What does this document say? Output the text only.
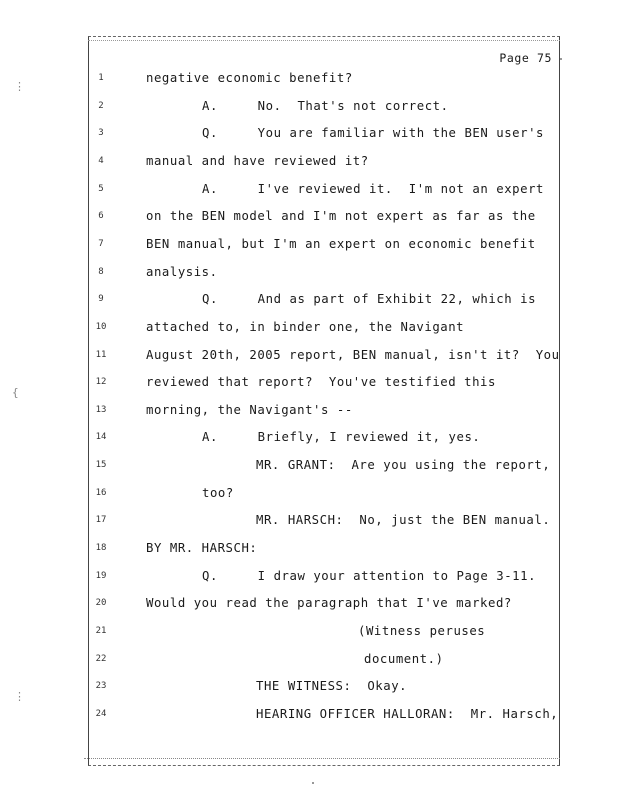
Page 75
1	negative economic benefit?
2	A.     No.  That's not correct.
3	Q.     You are familiar with the BEN user's
4	manual and have reviewed it?
5	A.     I've reviewed it.  I'm not an expert
6	on the BEN model and I'm not expert as far as the
7	BEN manual, but I'm an expert on economic benefit
8	analysis.
9	Q.     And as part of Exhibit 22, which is
10	attached to, in binder one, the Navigant
11	August 20th, 2005 report, BEN manual, isn't it?  You
12	reviewed that report?  You've testified this
13	morning, the Navigant's --
14	A.     Briefly, I reviewed it, yes.
15	MR. GRANT:  Are you using the report,
16	too?
17	MR. HARSCH:  No, just the BEN manual.
18	BY MR. HARSCH:
19	Q.     I draw your attention to Page 3-11.
20	Would you read the paragraph that I've marked?
21	(Witness peruses
22	document.)
23	THE WITNESS:  Okay.
24	HEARING OFFICER HALLORAN:  Mr. Harsch,
⋮
{
⋮
